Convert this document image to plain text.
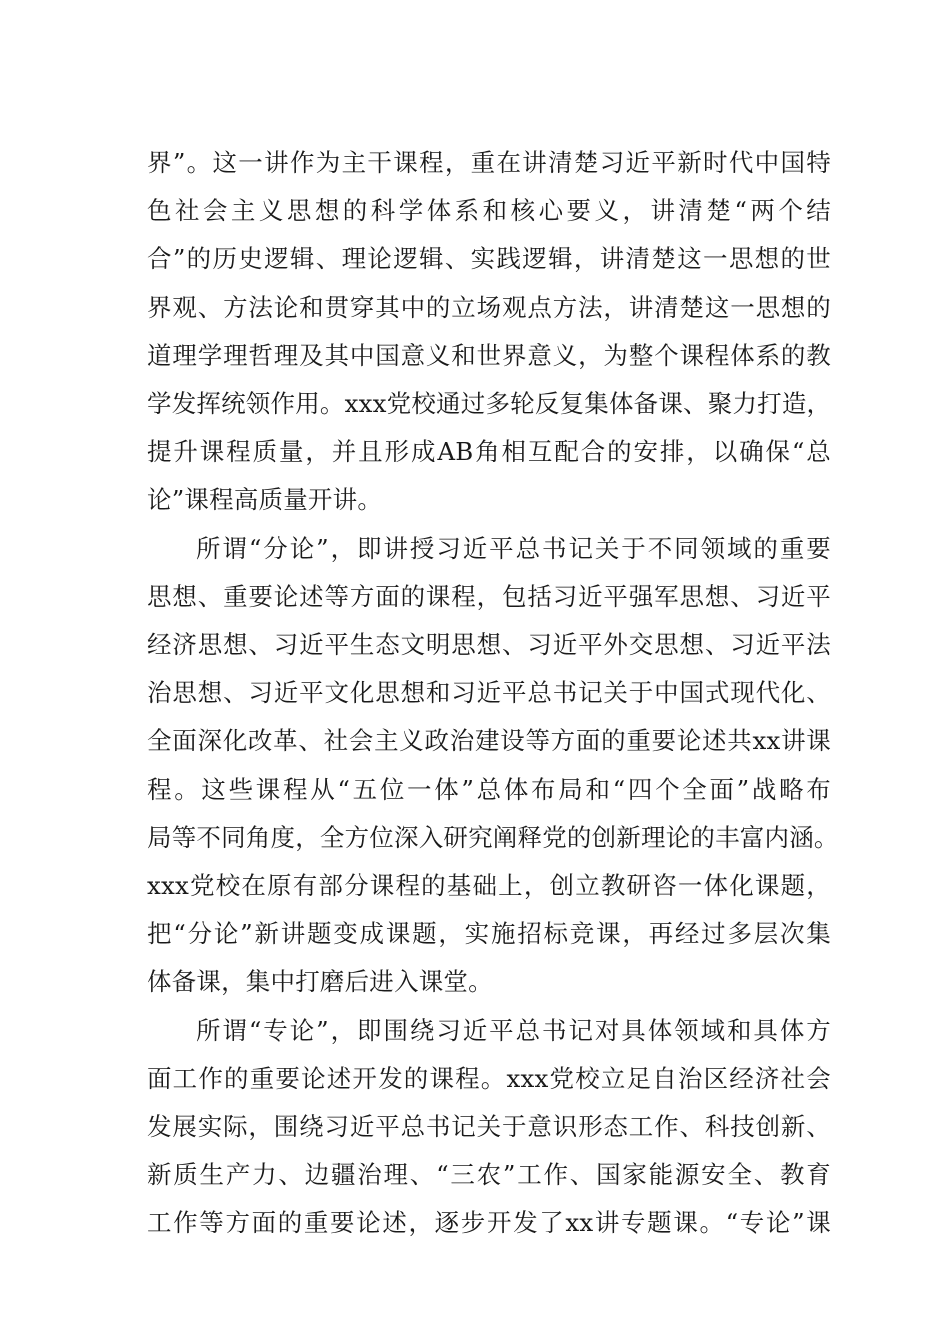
界”。这一讲作为主干课程，重在讲清楚习近平新时代中国特
色社会主义思想的科学体系和核心要义，讲清楚“两个结
合”的历史逻辑、理论逻辑、实践逻辑，讲清楚这一思想的世
界观、方法论和贯穿其中的立场观点方法，讲清楚这一思想的
道理学理哲理及其中国意义和世界意义，为整个课程体系的教
学发挥统领作用。xxx党校通过多轮反复集体备课、聚力打造，
提升课程质量，并且形成AB角相互配合的安排，以确保“总
论”课程高质量开讲。
所谓“分论”，即讲授习近平总书记关于不同领域的重要
思想、重要论述等方面的课程，包括习近平强军思想、习近平
经济思想、习近平生态文明思想、习近平外交思想、习近平法
治思想、习近平文化思想和习近平总书记关于中国式现代化、
全面深化改革、社会主义政治建设等方面的重要论述共xx讲课
程。这些课程从“五位一体”总体布局和“四个全面”战略布
局等不同角度，全方位深入研究阐释党的创新理论的丰富内涵。
xxx党校在原有部分课程的基础上，创立教研咨一体化课题，
把“分论”新讲题变成课题，实施招标竞课，再经过多层次集
体备课，集中打磨后进入课堂。
所谓“专论”，即围绕习近平总书记对具体领域和具体方
面工作的重要论述开发的课程。xxx党校立足自治区经济社会
发展实际，围绕习近平总书记关于意识形态工作、科技创新、
新质生产力、边疆治理、“三农”工作、国家能源安全、教育
工作等方面的重要论述，逐步开发了xx讲专题课。“专论”课
